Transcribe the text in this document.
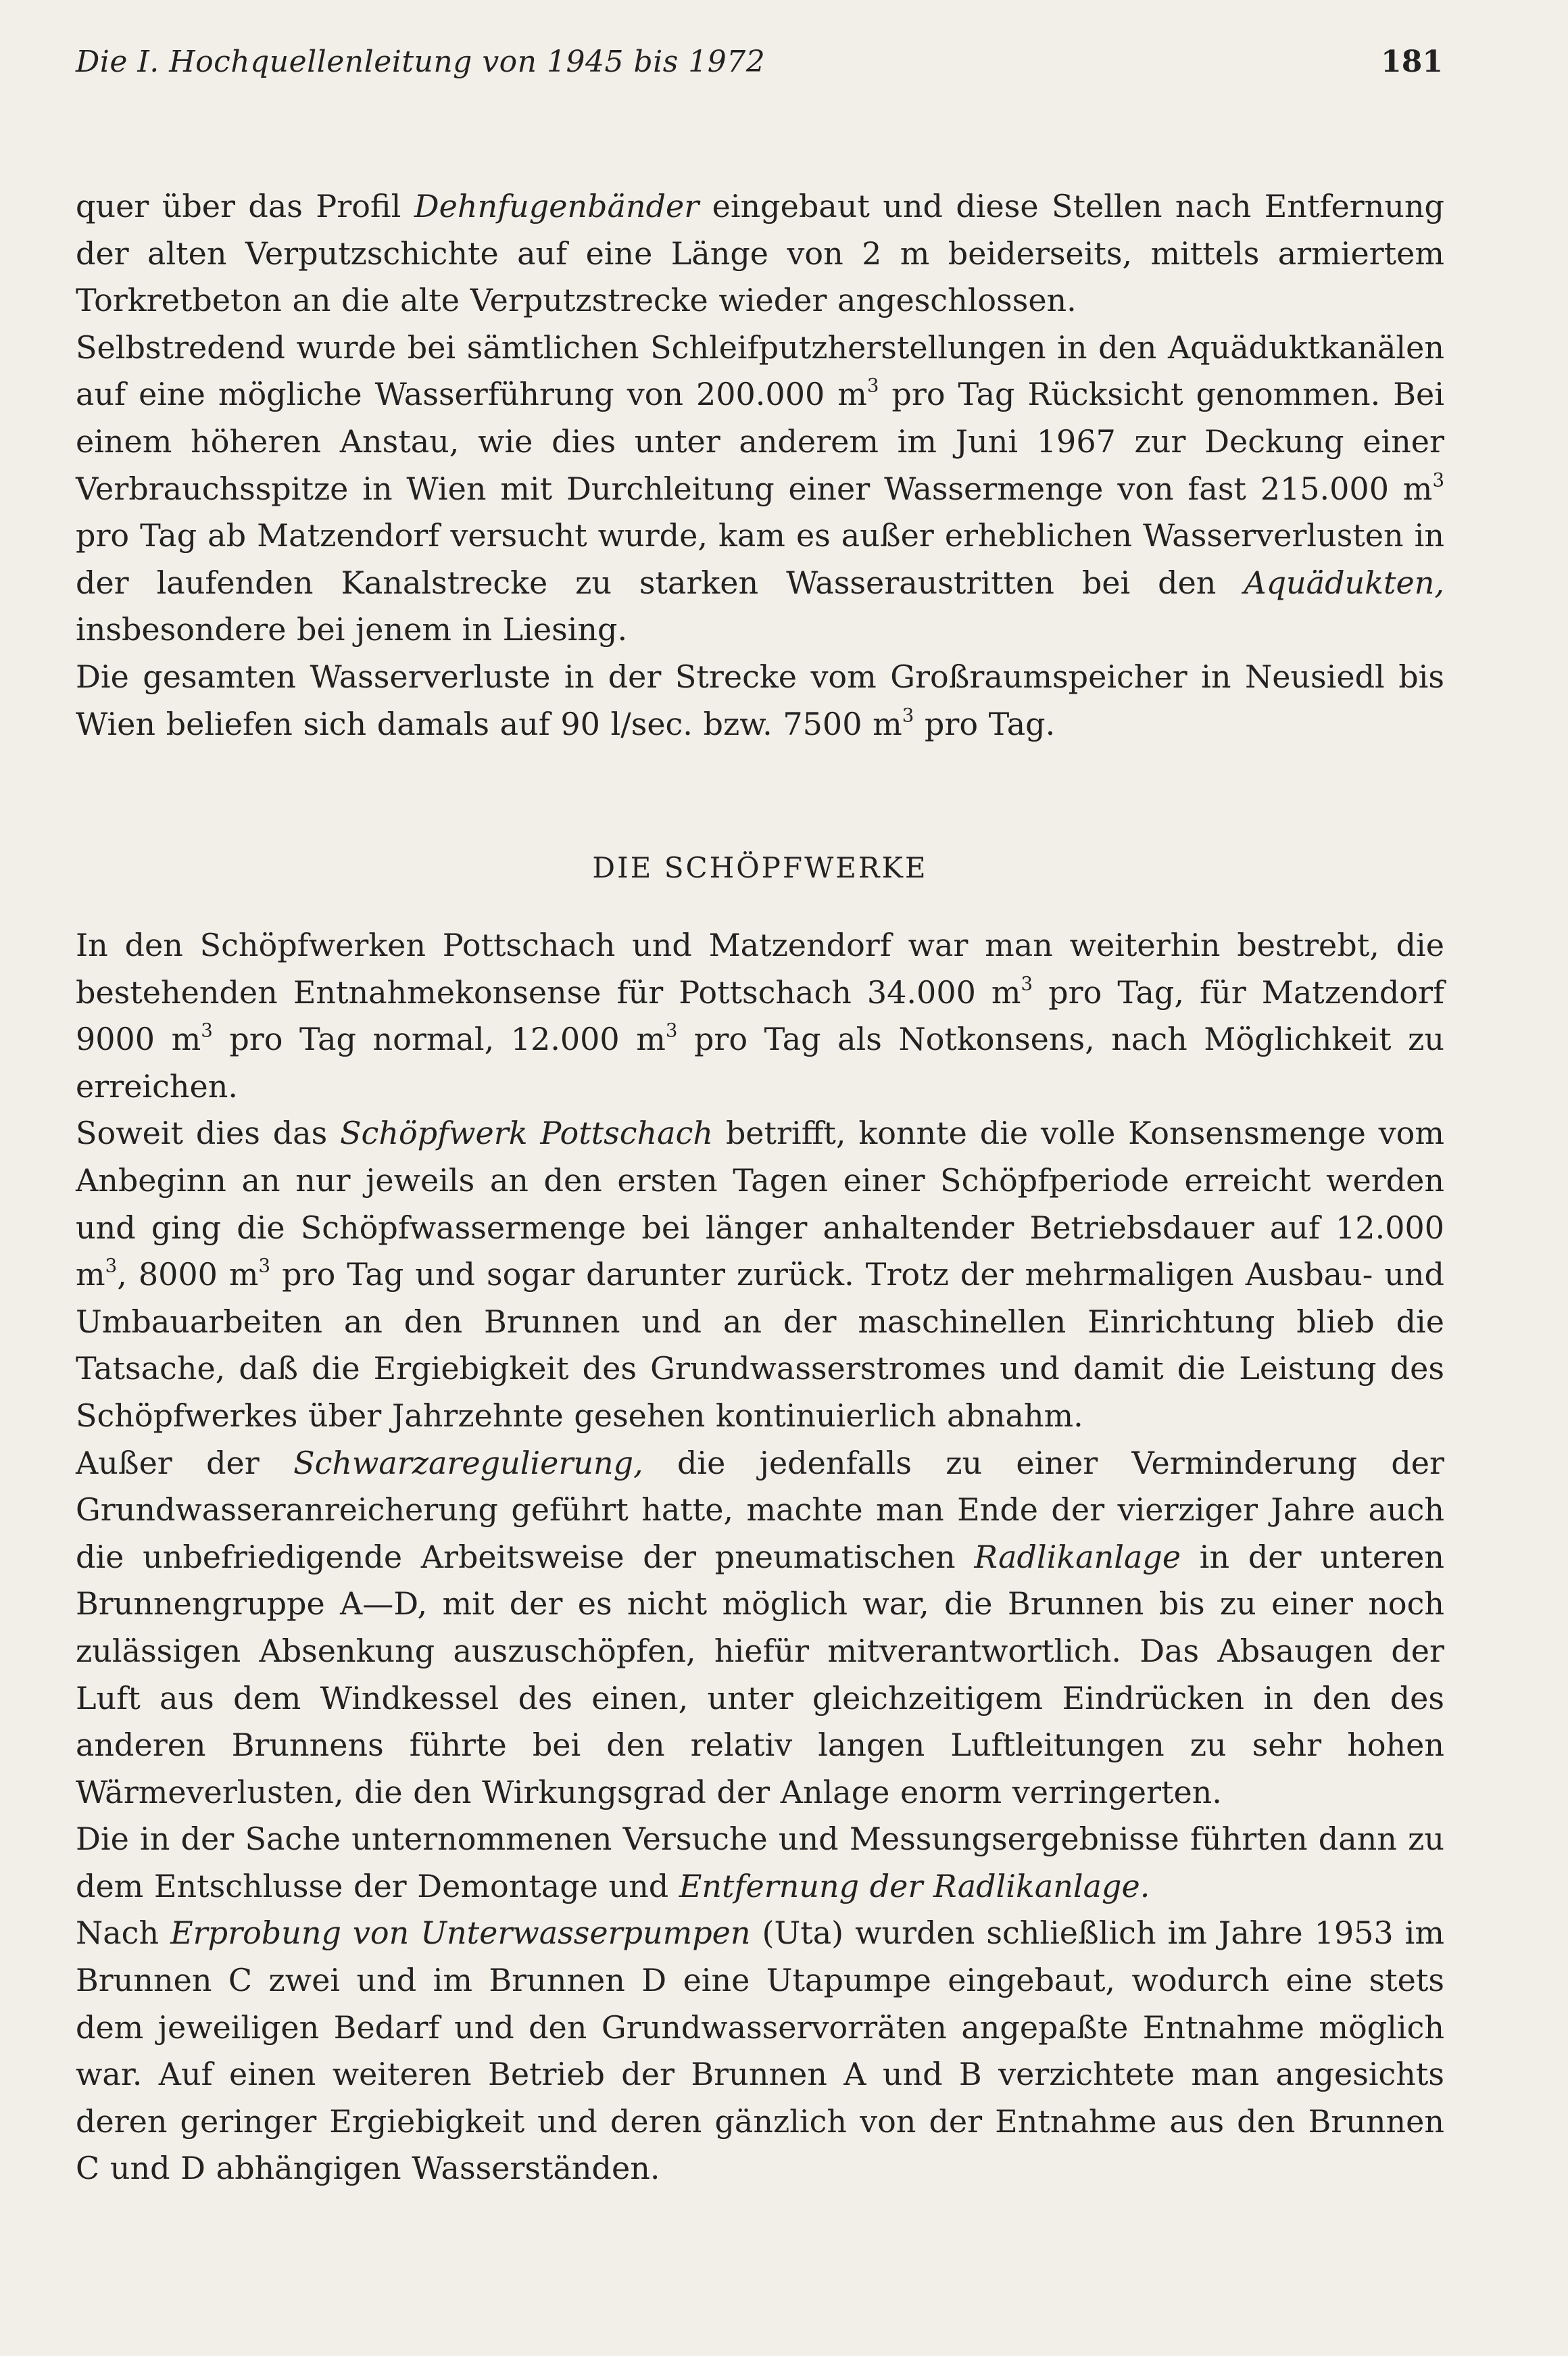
Die I. Hochquellenleitung von 1945 bis 1972	181

quer über das Profil Dehnfugenbänder eingebaut und diese Stellen nach Entfernung der alten Verputzschichte auf eine Länge von 2 m beiderseits, mittels armiertem Torkretbeton an die alte Verputzstrecke wieder angeschlossen.

Selbstredend wurde bei sämtlichen Schleifputzherstellungen in den Aquäduktkanälen auf eine mögliche Wasserführung von 200.000 $m^3$ pro Tag Rücksicht genommen. Bei einem höheren Anstau, wie dies unter anderem im Juni 1967 zur Deckung einer Verbrauchsspitze in Wien mit Durchleitung einer Wassermenge von fast 215.000 $m^3$ pro Tag ab Matzendorf versucht wurde, kam es außer erheblichen Wasserverlusten in der laufenden Kanalstrecke zu starken Wasseraustritten bei den Aquädukten, insbesondere bei jenem in Liesing.

Die gesamten Wasserverluste in der Strecke vom Großraumspeicher in Neusiedl bis Wien beliefen sich damals auf 90 l/sec. bzw. 7500 $m^3$ pro Tag.

DIE SCHÖPFWERKE

In den Schöpfwerken Pottschach und Matzendorf war man weiterhin bestrebt, die bestehenden Entnahmekonsense für Pottschach 34.000 $m^3$ pro Tag, für Matzendorf 9000 $m^3$ pro Tag normal, 12.000 $m^3$ pro Tag als Notkonsens, nach Möglichkeit zu erreichen.

Soweit dies das Schöpfwerk Pottschach betrifft, konnte die volle Konsensmenge vom Anbeginn an nur jeweils an den ersten Tagen einer Schöpfperiode erreicht werden und ging die Schöpfwassermenge bei länger anhaltender Betriebsdauer auf 12.000 $m^3$, 8000 $m^3$ pro Tag und sogar darunter zurück. Trotz der mehrmaligen Ausbau- und Umbauarbeiten an den Brunnen und an der maschinellen Einrichtung blieb die Tatsache, daß die Ergiebigkeit des Grundwasserstromes und damit die Leistung des Schöpfwerkes über Jahrzehnte gesehen kontinuierlich abnahm.

Außer der Schwarzaregulierung, die jedenfalls zu einer Verminderung der Grundwasseranreicherung geführt hatte, machte man Ende der vierziger Jahre auch die unbefriedigende Arbeitsweise der pneumatischen Radlikanlage in der unteren Brunnengruppe A—D, mit der es nicht möglich war, die Brunnen bis zu einer noch zulässigen Absenkung auszuschöpfen, hiefür mitverantwortlich. Das Absaugen der Luft aus dem Windkessel des einen, unter gleichzeitigem Eindrücken in den des anderen Brunnens führte bei den relativ langen Luftleitungen zu sehr hohen Wärmeverlusten, die den Wirkungsgrad der Anlage enorm verringerten.

Die in der Sache unternommenen Versuche und Messungsergebnisse führten dann zu dem Entschlusse der Demontage und Entfernung der Radlikanlage.

Nach Erprobung von Unterwasserpumpen (Uta) wurden schließlich im Jahre 1953 im Brunnen C zwei und im Brunnen D eine Utapumpe eingebaut, wodurch eine stets dem jeweiligen Bedarf und den Grundwasservorräten angepaßte Entnahme möglich war. Auf einen weiteren Betrieb der Brunnen A und B verzichtete man angesichts deren geringer Ergiebigkeit und deren gänzlich von der Entnahme aus den Brunnen C und D abhängigen Wasserständen.
